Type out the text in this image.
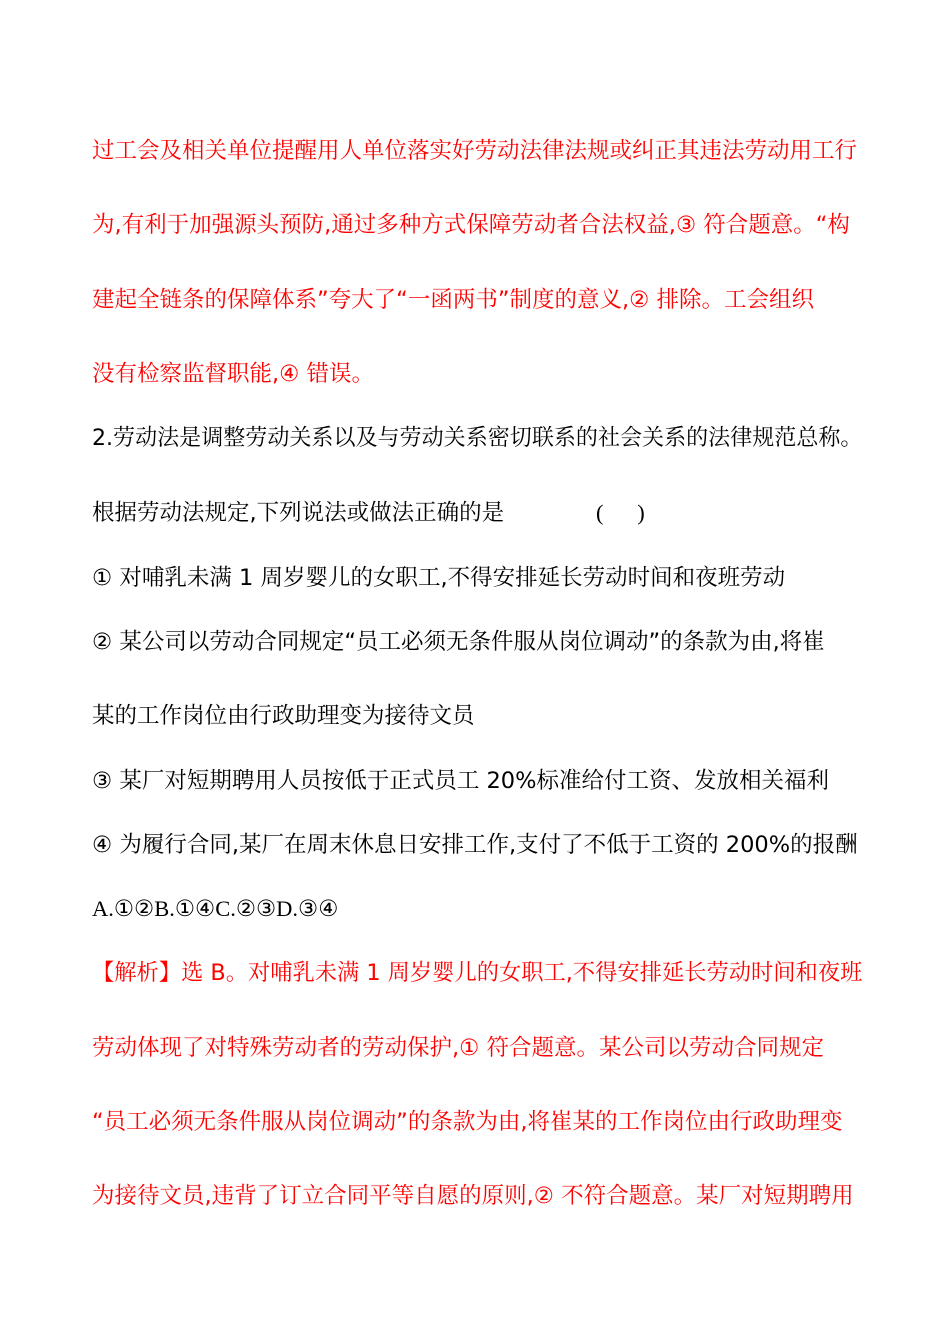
过工会及相关单位提醒用人单位落实好劳动法律法规或纠正其违法劳动用工行
为,有利于加强源头预防,通过多种方式保障劳动者合法权益,③ 符合题意。“构
建起全链条的保障体系”夸大了“一函两书”制度的意义,② 排除。工会组织
没有检察监督职能,④ 错误。
2.劳动法是调整劳动关系以及与劳动关系密切联系的社会关系的法律规范总称。
根据劳动法规定,下列说法或做法正确的是	(      )
① 对哺乳未满 1 周岁婴儿的女职工,不得安排延长劳动时间和夜班劳动
② 某公司以劳动合同规定“员工必须无条件服从岗位调动”的条款为由,将崔
某的工作岗位由行政助理变为接待文员
③ 某厂对短期聘用人员按低于正式员工 20%标准给付工资、发放相关福利
④ 为履行合同,某厂在周末休息日安排工作,支付了不低于工资的 200%的报酬
A.①②B.①④C.②③D.③④
【解析】选 B。对哺乳未满 1 周岁婴儿的女职工,不得安排延长劳动时间和夜班
劳动体现了对特殊劳动者的劳动保护,① 符合题意。某公司以劳动合同规定
“员工必须无条件服从岗位调动”的条款为由,将崔某的工作岗位由行政助理变
为接待文员,违背了订立合同平等自愿的原则,② 不符合题意。某厂对短期聘用
